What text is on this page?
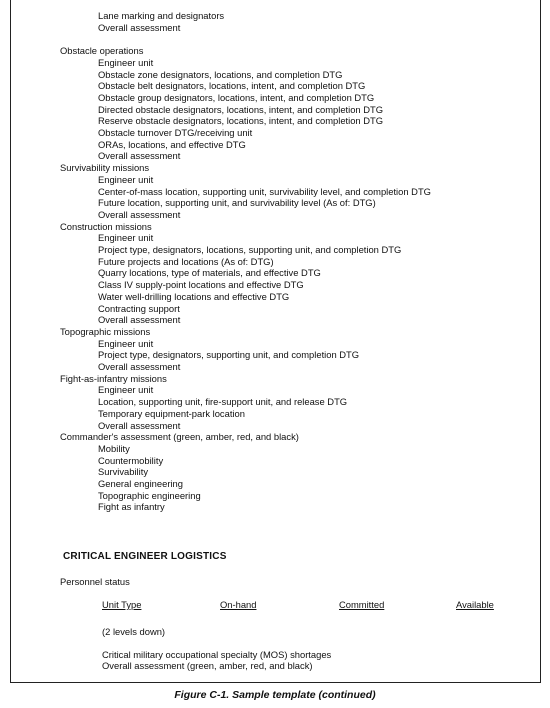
Lane marking and designators
Overall assessment
Obstacle operations
Engineer unit
Obstacle zone designators, locations, and completion DTG
Obstacle belt designators, locations, intent, and completion DTG
Obstacle group designators, locations, intent, and completion DTG
Directed obstacle designators, locations, intent, and completion DTG
Reserve obstacle designators, locations, intent, and completion DTG
Obstacle turnover DTG/receiving unit
ORAs, locations, and effective DTG
Overall assessment
Survivability missions
Engineer unit
Center-of-mass location, supporting unit, survivability level, and completion DTG
Future location, supporting unit, and survivability level (As of: DTG)
Overall assessment
Construction missions
Engineer unit
Project type, designators, locations, supporting unit, and completion DTG
Future projects and locations (As of: DTG)
Quarry locations, type of materials, and effective DTG
Class IV supply-point locations and effective DTG
Water well-drilling locations and effective DTG
Contracting support
Overall assessment
Topographic missions
Engineer unit
Project type, designators, supporting unit, and completion DTG
Overall assessment
Fight-as-infantry missions
Engineer unit
Location, supporting unit, fire-support unit, and release DTG
Temporary equipment-park location
Overall assessment
Commander's assessment (green, amber, red, and black)
Mobility
Countermobility
Survivability
General engineering
Topographic engineering
Fight as infantry
CRITICAL ENGINEER LOGISTICS
Personnel status
Unit Type	On-hand	Committed	Available
(2 levels down)
Critical military occupational specialty (MOS) shortages
Overall assessment (green, amber, red, and black)
Figure C-1. Sample template (continued)
